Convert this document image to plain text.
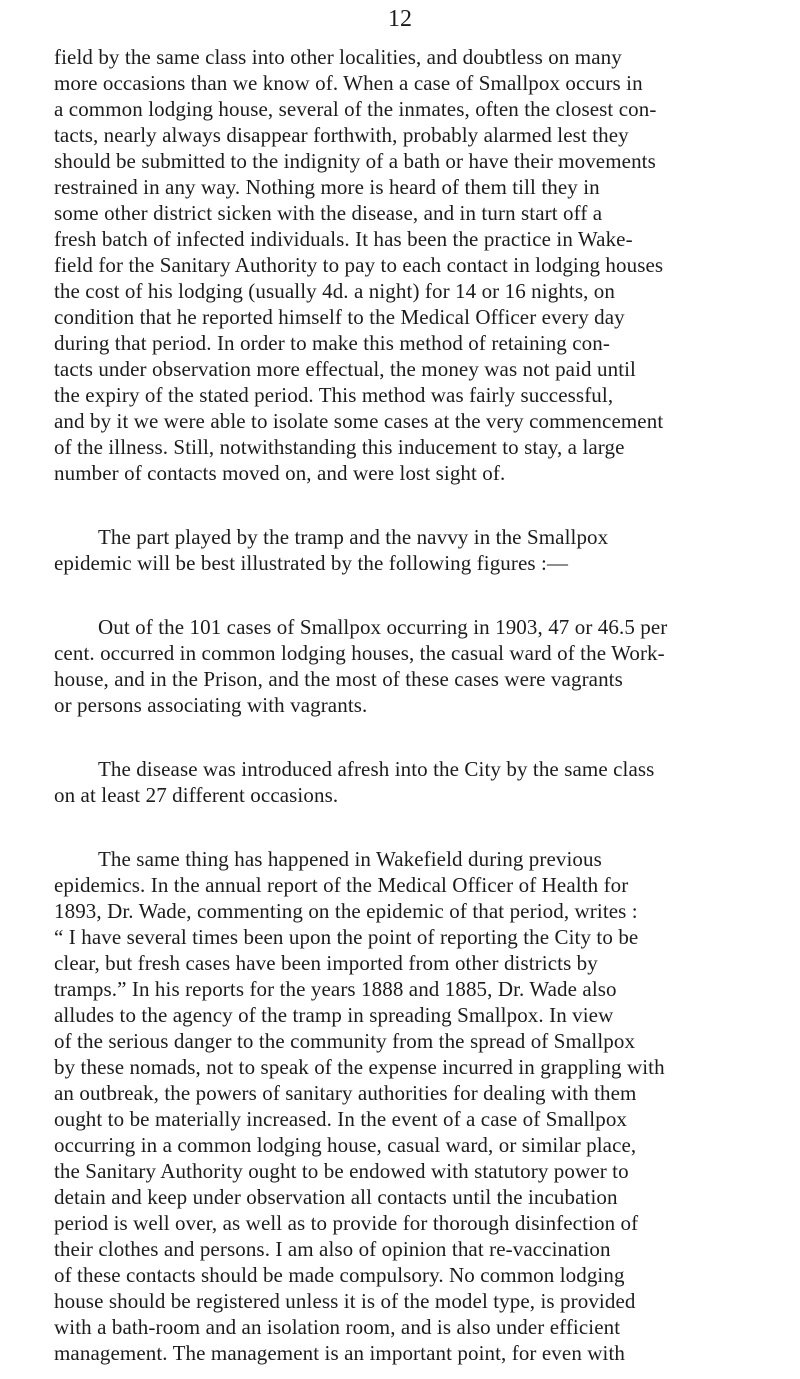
12
field by the same class into other localities, and doubtless on many
more occasions than we know of. When a case of Smallpox occurs in
a common lodging house, several of the inmates, often the closest con-
tacts, nearly always disappear forthwith, probably alarmed lest they
should be submitted to the indignity of a bath or have their movements
restrained in any way. Nothing more is heard of them till they in
some other district sicken with the disease, and in turn start off a
fresh batch of infected individuals. It has been the practice in Wake-
field for the Sanitary Authority to pay to each contact in lodging houses
the cost of his lodging (usually 4d. a night) for 14 or 16 nights, on
condition that he reported himself to the Medical Officer every day
during that period. In order to make this method of retaining con-
tacts under observation more effectual, the money was not paid until
the expiry of the stated period. This method was fairly successful,
and by it we were able to isolate some cases at the very commencement
of the illness. Still, notwithstanding this inducement to stay, a large
number of contacts moved on, and were lost sight of.
The part played by the tramp and the navvy in the Smallpox
epidemic will be best illustrated by the following figures :—
Out of the 101 cases of Smallpox occurring in 1903, 47 or 46.5 per
cent. occurred in common lodging houses, the casual ward of the Work-
house, and in the Prison, and the most of these cases were vagrants
or persons associating with vagrants.
The disease was introduced afresh into the City by the same class
on at least 27 different occasions.
The same thing has happened in Wakefield during previous
epidemics. In the annual report of the Medical Officer of Health for
1893, Dr. Wade, commenting on the epidemic of that period, writes :
“ I have several times been upon the point of reporting the City to be
clear, but fresh cases have been imported from other districts by
tramps.” In his reports for the years 1888 and 1885, Dr. Wade also
alludes to the agency of the tramp in spreading Smallpox. In view
of the serious danger to the community from the spread of Smallpox
by these nomads, not to speak of the expense incurred in grappling with
an outbreak, the powers of sanitary authorities for dealing with them
ought to be materially increased. In the event of a case of Smallpox
occurring in a common lodging house, casual ward, or similar place,
the Sanitary Authority ought to be endowed with statutory power to
detain and keep under observation all contacts until the incubation
period is well over, as well as to provide for thorough disinfection of
their clothes and persons. I am also of opinion that re-vaccination
of these contacts should be made compulsory. No common lodging
house should be registered unless it is of the model type, is provided
with a bath-room and an isolation room, and is also under efficient
management. The management is an important point, for even with
